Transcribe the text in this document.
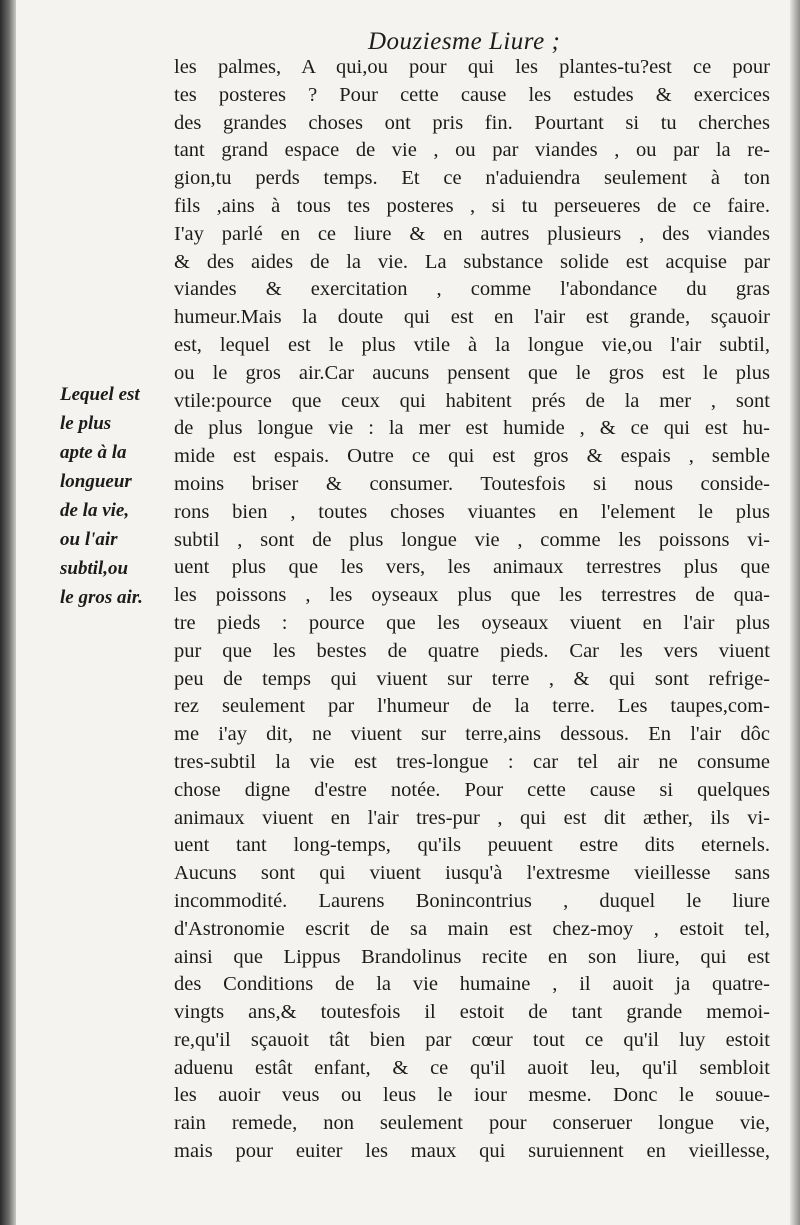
Douziesme Liure ;
Lequel est
le plus
apte à la
longueur
de la vie,
ou l'air
subtil,ou
le gros air.
les palmes, A qui,ou pour qui les plantes-tu?est ce pour
tes posteres ? Pour cette cause les estudes & exercices
des grandes choses ont pris fin. Pourtant si tu cherches
tant grand espace de vie , ou par viandes , ou par la re-
gion,tu perds temps. Et ce n'aduiendra seulement à ton
fils ,ains à tous tes posteres , si tu perseueres de ce faire.
I'ay parlé en ce liure & en autres plusieurs , des viandes
& des aides de la vie. La substance solide est acquise par
viandes & exercitation , comme l'abondance du gras
humeur.Mais la doute qui est en l'air est grande, sçauoir
est, lequel est le plus vtile à la longue vie,ou l'air subtil,
ou le gros air.Car aucuns pensent que le gros est le plus
vtile:pource que ceux qui habitent prés de la mer , sont
de plus longue vie : la mer est humide , & ce qui est hu-
mide est espais. Outre ce qui est gros & espais , semble
moins briser & consumer. Toutesfois si nous conside-
rons bien , toutes choses viuantes en l'element le plus
subtil , sont de plus longue vie , comme les poissons vi-
uent plus que les vers, les animaux terrestres plus que
les poissons , les oyseaux plus que les terrestres de qua-
tre pieds : pource que les oyseaux viuent en l'air plus
pur que les bestes de quatre pieds. Car les vers viuent
peu de temps qui viuent sur terre , & qui sont refrige-
rez seulement par l'humeur de la terre. Les taupes,com-
me i'ay dit, ne viuent sur terre,ains dessous. En l'air dôc
tres-subtil la vie est tres-longue : car tel air ne consume
chose digne d'estre notée. Pour cette cause si quelques
animaux viuent en l'air tres-pur , qui est dit æther, ils vi-
uent tant long-temps, qu'ils peuuent estre dits eternels.
Aucuns sont qui viuent iusqu'à l'extresme vieillesse sans
incommodité. Laurens Bonincontrius , duquel le liure
d'Astronomie escrit de sa main est chez-moy , estoit tel,
ainsi que Lippus Brandolinus recite en son liure, qui est
des Conditions de la vie humaine , il auoit ja quatre-
vingts ans,& toutesfois il estoit de tant grande memoi-
re,qu'il sçauoit tât bien par cœur tout ce qu'il luy estoit
aduenu estât enfant, & ce qu'il auoit leu, qu'il sembloit
les auoir veus ou leus le iour mesme. Donc le souue-
rain remede, non seulement pour conseruer longue vie,
mais pour euiter les maux qui suruiennent en vieillesse,
